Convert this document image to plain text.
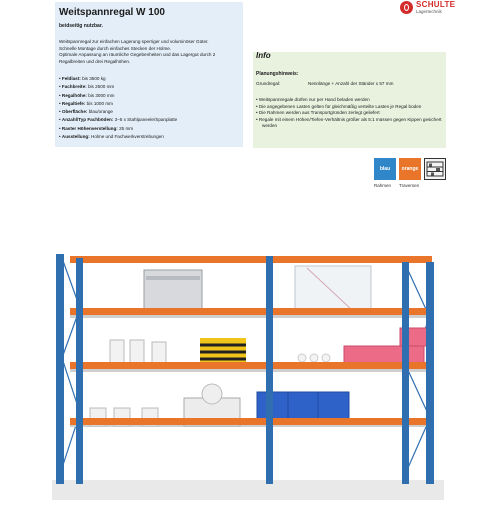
Weitspannregal W 100
beidseitig nutzbar.
Weitspannregal zur einfachen Lagerung sperriger und voluminöser Güter.
Schnelle Montage durch einfaches Stecken der Holme.
Optimale Anpassung an räumliche Gegebenheiten und das Lagergut durch 2
Regalbreiten und drei Regalhöhen.
• Feldlast: bis 3500 kg
• Fachbreite: bis 2500 mm
• Regalhöhe: bis 3000 mm
• Regaltiefe: bis 1000 mm
• Oberfläche: blau/orange
• Anzahl/Typ Fachböden: 3–5 x Stahlpaneele/Spanplatte
• Raster Höhenverstellung: 25 mm
• Ausstellung: Holme und Fachwerkverstrebungen
SCHULTE
Lagertechnik
Info
Planungshinweis:
Grundregal:	Nennlänge + Anzahl der Ständer x 57 mm
• Weitspannregale dürfen nur per Hand beladen werden
• Die angegebenen Lasten gelten für gleichmäßig verteilte Lasten je Regal boden
• Die Rahmen werden aus Transportgründen zerlegt geliefert
• Regale mit einem Höhen/Tiefen-Verhältnis größer als 5:1 müssen gegen Kippen gesichert werden
blau	orange
Rahmen Traversen
